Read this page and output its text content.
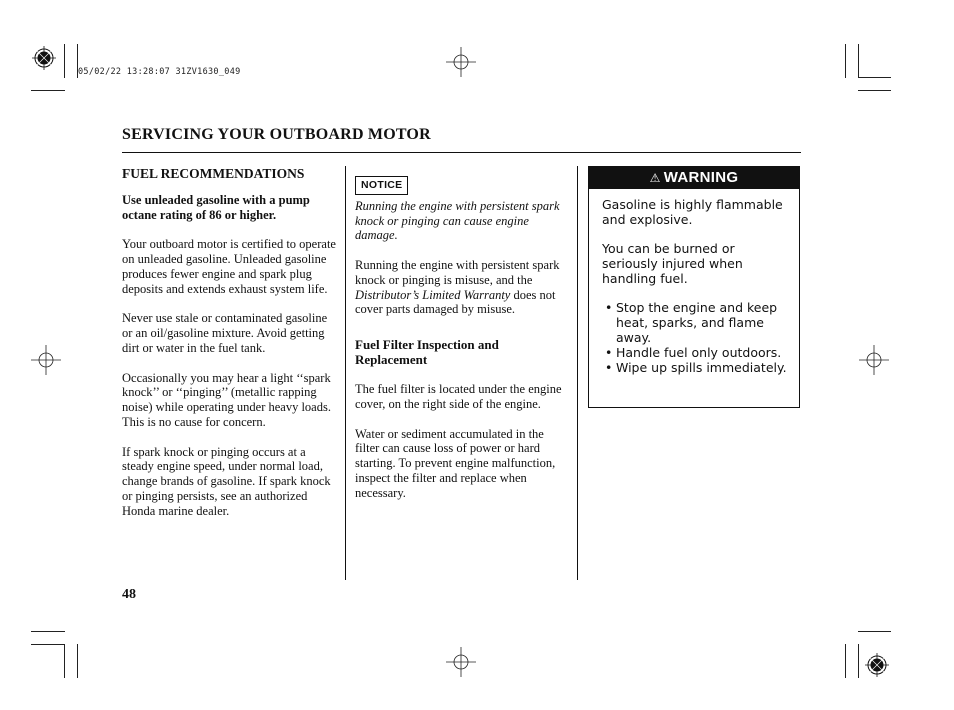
05/02/22 13:28:07 31ZV1630_049
SERVICING YOUR OUTBOARD MOTOR
FUEL RECOMMENDATIONS

Use unleaded gasoline with a pump octane rating of 86 or higher.

Your outboard motor is certified to operate on unleaded gasoline. Unleaded gasoline produces fewer engine and spark plug deposits and extends exhaust system life.

Never use stale or contaminated gasoline or an oil/gasoline mixture. Avoid getting dirt or water in the fuel tank.

Occasionally you may hear a light ‘‘spark knock’’ or ‘‘pinging’’ (metallic rapping noise) while operating under heavy loads. This is no cause for concern.

If spark knock or pinging occurs at a steady engine speed, under normal load, change brands of gasoline. If spark knock or pinging persists, see an authorized Honda marine dealer.

NOTICE

Running the engine with persistent spark knock or pinging can cause engine damage.

Running the engine with persistent spark knock or pinging is misuse, and the Distributor’s Limited Warranty does not cover parts damaged by misuse.

Fuel Filter Inspection and Replacement

The fuel filter is located under the engine cover, on the right side of the engine.

Water or sediment accumulated in the filter can cause loss of power or hard starting. To prevent engine malfunction, inspect the filter and replace when necessary.

⚠ WARNING

Gasoline is highly flammable and explosive.

You can be burned or seriously injured when handling fuel.

• Stop the engine and keep heat, sparks, and flame away.
• Handle fuel only outdoors.
• Wipe up spills immediately.
48
